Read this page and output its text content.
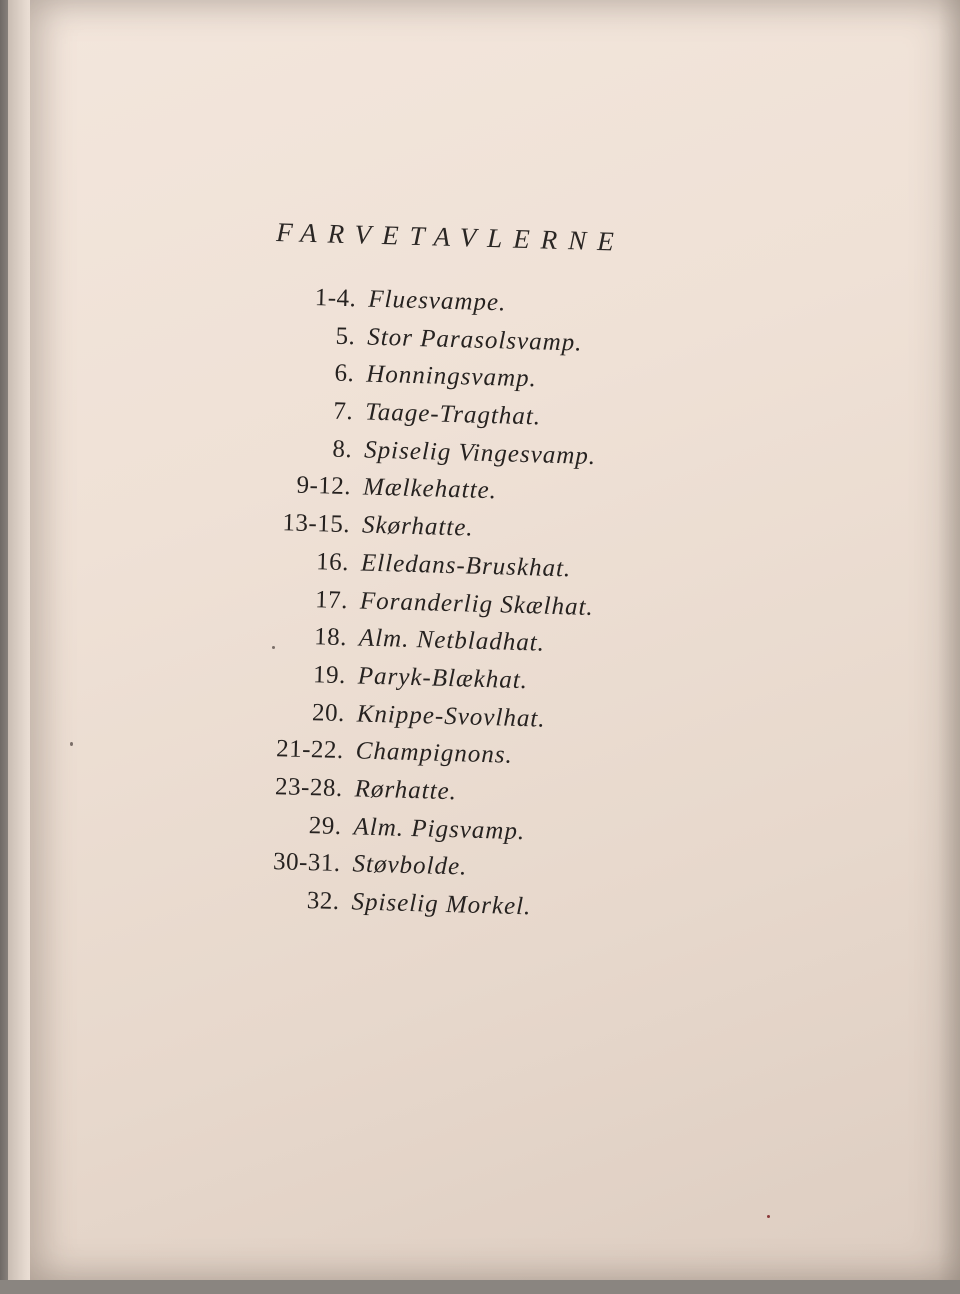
FARVETAVLERNE
1-4. Fluesvampe.
5. Stor Parasolsvamp.
6. Honningsvamp.
7. Taage-Tragthat.
8. Spiselig Vingesvamp.
9-12. Mælkehatte.
13-15. Skørhatte.
16. Elledans-Bruskhat.
17. Foranderlig Skælhat.
18. Alm. Netbladhat.
19. Paryk-Blækhat.
20. Knippe-Svovlhat.
21-22. Champignons.
23-28. Rørhatte.
29. Alm. Pigsvamp.
30-31. Støvbolde.
32. Spiselig Morkel.
